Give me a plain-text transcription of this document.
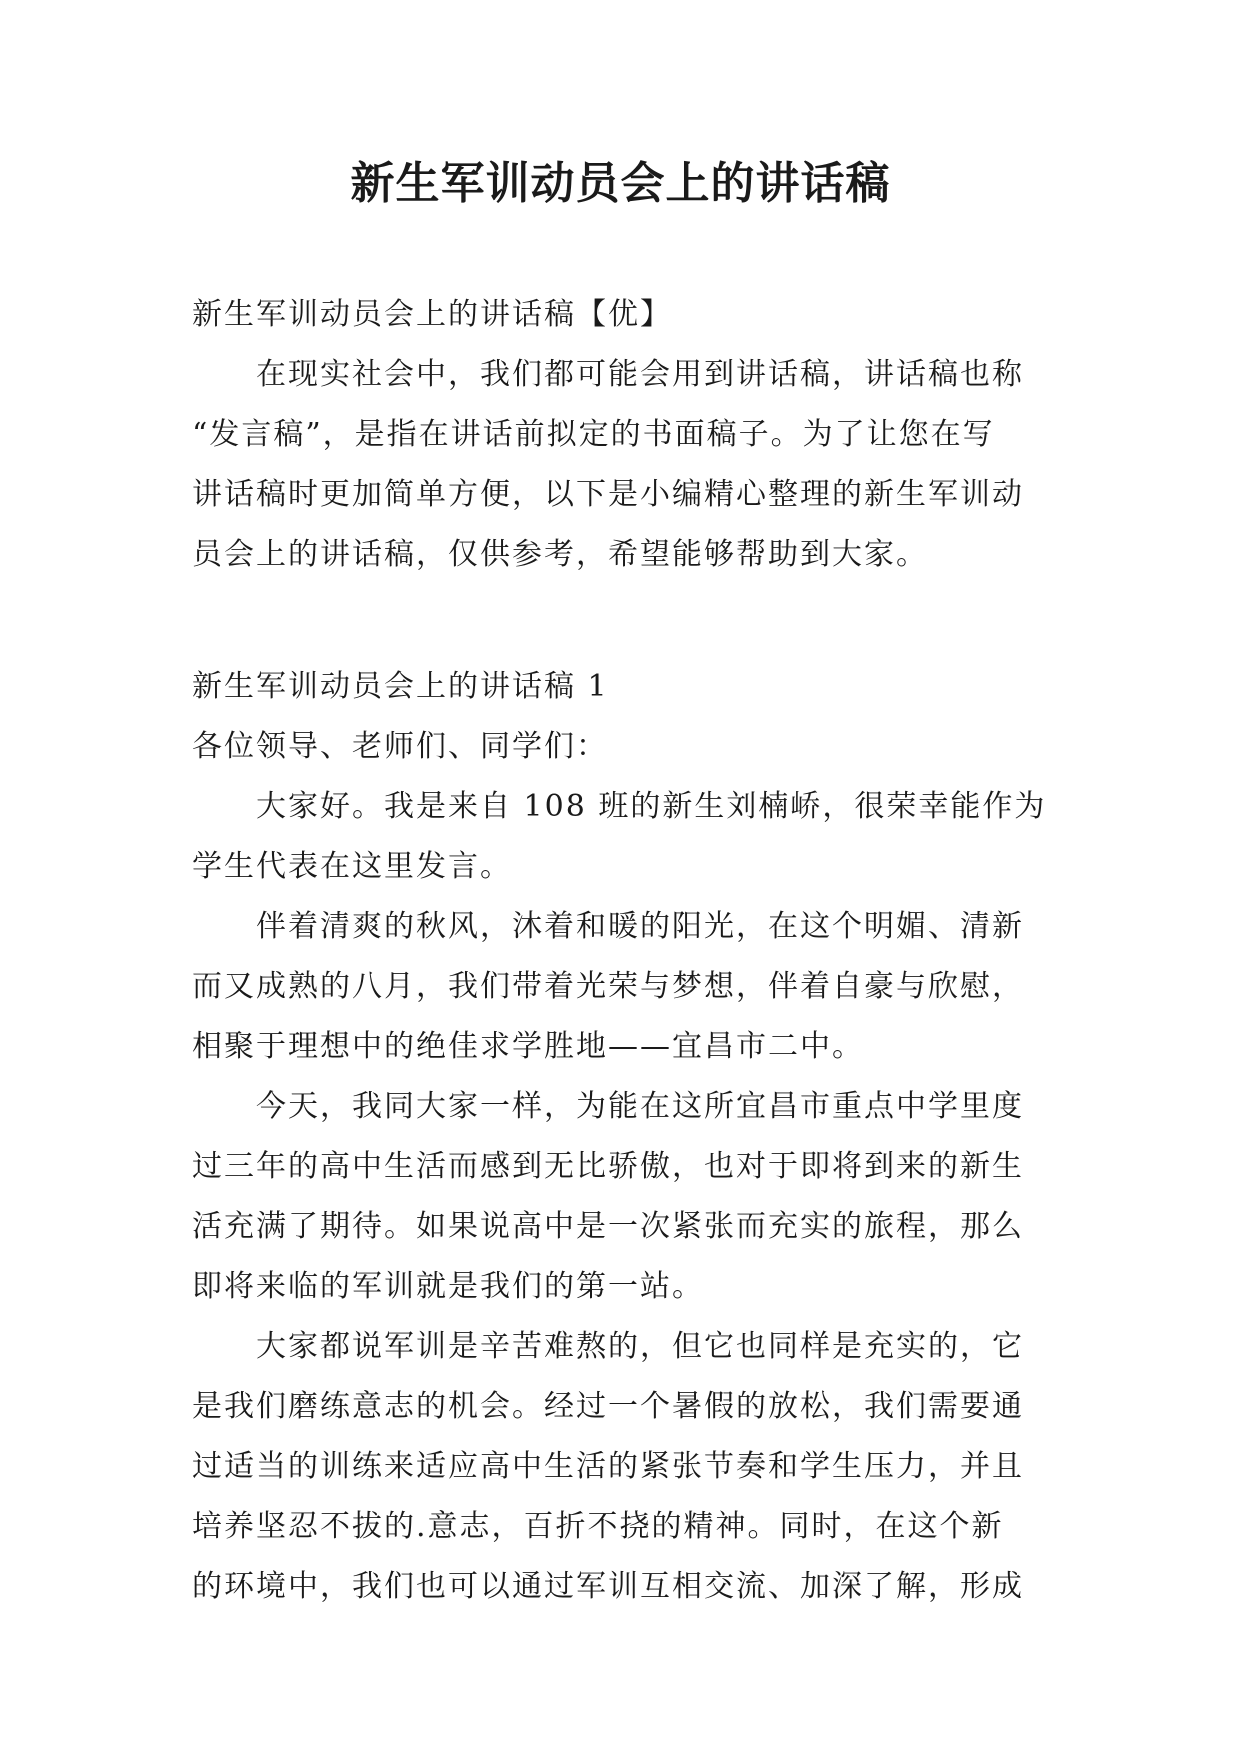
新生军训动员会上的讲话稿
新生军训动员会上的讲话稿【优】
在现实社会中，我们都可能会用到讲话稿，讲话稿也称
“发言稿”，是指在讲话前拟定的书面稿子。为了让您在写
讲话稿时更加简单方便，以下是小编精心整理的新生军训动
员会上的讲话稿，仅供参考，希望能够帮助到大家。
新生军训动员会上的讲话稿 1
各位领导、老师们、同学们：
大家好。我是来自 108 班的新生刘楠峤，很荣幸能作为
学生代表在这里发言。
伴着清爽的秋风，沐着和暖的阳光，在这个明媚、清新
而又成熟的八月，我们带着光荣与梦想，伴着自豪与欣慰，
相聚于理想中的绝佳求学胜地——宜昌市二中。
今天，我同大家一样，为能在这所宜昌市重点中学里度
过三年的高中生活而感到无比骄傲，也对于即将到来的新生
活充满了期待。如果说高中是一次紧张而充实的旅程，那么
即将来临的军训就是我们的第一站。
大家都说军训是辛苦难熬的，但它也同样是充实的，它
是我们磨练意志的机会。经过一个暑假的放松，我们需要通
过适当的训练来适应高中生活的紧张节奏和学生压力，并且
培养坚忍不拔的.意志，百折不挠的精神。同时，在这个新
的环境中，我们也可以通过军训互相交流、加深了解，形成
